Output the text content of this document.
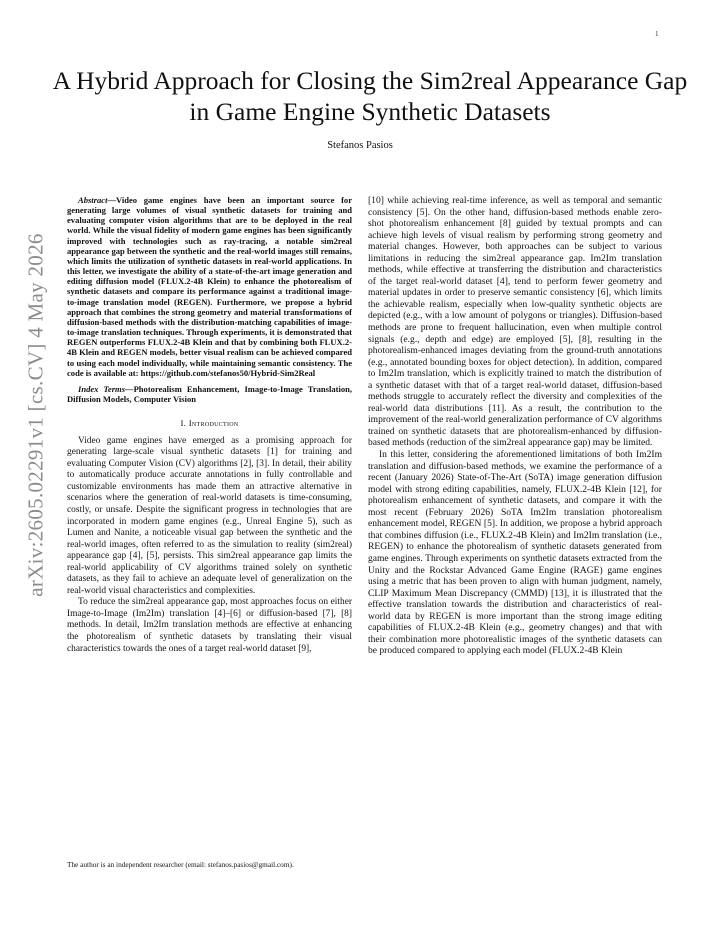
1
arXiv:2605.02291v1 [cs.CV] 4 May 2026
A Hybrid Approach for Closing the Sim2real Appearance Gap in Game Engine Synthetic Datasets
Stefanos Pasios

Abstract—Video game engines have been an important source for generating large volumes of visual synthetic datasets for training and evaluating computer vision algorithms that are to be deployed in the real world. While the visual fidelity of modern game engines has been significantly improved with technologies such as ray-tracing, a notable sim2real appearance gap between the synthetic and the real-world images still remains, which limits the utilization of synthetic datasets in real-world applications. In this letter, we investigate the ability of a state-of-the-art image generation and editing diffusion model (FLUX.2-4B Klein) to enhance the photorealism of synthetic datasets and compare its performance against a traditional image-to-image translation model (REGEN). Furthermore, we propose a hybrid approach that combines the strong geometry and material transformations of diffusion-based methods with the distribution-matching capabilities of image-to-image translation techniques. Through experiments, it is demonstrated that REGEN outperforms FLUX.2-4B Klein and that by combining both FLUX.2-4B Klein and REGEN models, better visual realism can be achieved compared to using each model individually, while maintaining semantic consistency. The code is available at: https://github.com/stefanos50/Hybrid-Sim2Real

Index Terms—Photorealism Enhancement, Image-to-Image Translation, Diffusion Models, Computer Vision

I. Introduction

Video game engines have emerged as a promising approach for generating large-scale visual synthetic datasets [1] for training and evaluating Computer Vision (CV) algorithms [2], [3]. In detail, their ability to automatically produce accurate annotations in fully controllable and customizable environments has made them an attractive alternative in scenarios where the generation of real-world datasets is time-consuming, costly, or unsafe. Despite the significant progress in technologies that are incorporated in modern game engines (e.g., Unreal Engine 5), such as Lumen and Nanite, a noticeable visual gap between the synthetic and the real-world images, often referred to as the simulation to reality (sim2real) appearance gap [4], [5], persists. This sim2real appearance gap limits the real-world applicability of CV algorithms trained solely on synthetic datasets, as they fail to achieve an adequate level of generalization on the real-world visual characteristics and complexities.

To reduce the sim2real appearance gap, most approaches focus on either Image-to-Image (Im2Im) translation [4]–[6] or diffusion-based [7], [8] methods. In detail, Im2Im translation methods are effective at enhancing the photorealism of synthetic datasets by translating their visual characteristics towards the ones of a target real-world dataset [9],

The author is an independent researcher (email: stefanos.pasios@gmail.com).

[10] while achieving real-time inference, as well as temporal and semantic consistency [5]. On the other hand, diffusion-based methods enable zero-shot photorealism enhancement [8] guided by textual prompts and can achieve high levels of visual realism by performing strong geometry and material changes. However, both approaches can be subject to various limitations in reducing the sim2real appearance gap. Im2Im translation methods, while effective at transferring the distribution and characteristics of the target real-world dataset [4], tend to perform fewer geometry and material updates in order to preserve semantic consistency [6], which limits the achievable realism, especially when low-quality synthetic objects are depicted (e.g., with a low amount of polygons or triangles). Diffusion-based methods are prone to frequent hallucination, even when multiple control signals (e.g., depth and edge) are employed [5], [8], resulting in the photorealism-enhanced images deviating from the ground-truth annotations (e.g., annotated bounding boxes for object detection). In addition, compared to Im2Im translation, which is explicitly trained to match the distribution of a synthetic dataset with that of a target real-world dataset, diffusion-based methods struggle to accurately reflect the diversity and complexities of the real-world data distributions [11]. As a result, the contribution to the improvement of the real-world generalization performance of CV algorithms trained on synthetic datasets that are photorealism-enhanced by diffusion-based methods (reduction of the sim2real appearance gap) may be limited.

In this letter, considering the aforementioned limitations of both Im2Im translation and diffusion-based methods, we examine the performance of a recent (January 2026) State-of-The-Art (SoTA) image generation diffusion model with strong editing capabilities, namely, FLUX.2-4B Klein [12], for photorealism enhancement of synthetic datasets, and compare it with the most recent (February 2026) SoTA Im2Im translation photorealism enhancement model, REGEN [5]. In addition, we propose a hybrid approach that combines diffusion (i.e., FLUX.2-4B Klein) and Im2Im translation (i.e., REGEN) to enhance the photorealism of synthetic datasets generated from game engines. Through experiments on synthetic datasets extracted from the Unity and the Rockstar Advanced Game Engine (RAGE) game engines using a metric that has been proven to align with human judgment, namely, CLIP Maximum Mean Discrepancy (CMMD) [13], it is illustrated that the effective translation towards the distribution and characteristics of real-world data by REGEN is more important than the strong image editing capabilities of FLUX.2-4B Klein (e.g., geometry changes) and that with their combination more photorealistic images of the synthetic datasets can be produced compared to applying each model (FLUX.2-4B Klein
